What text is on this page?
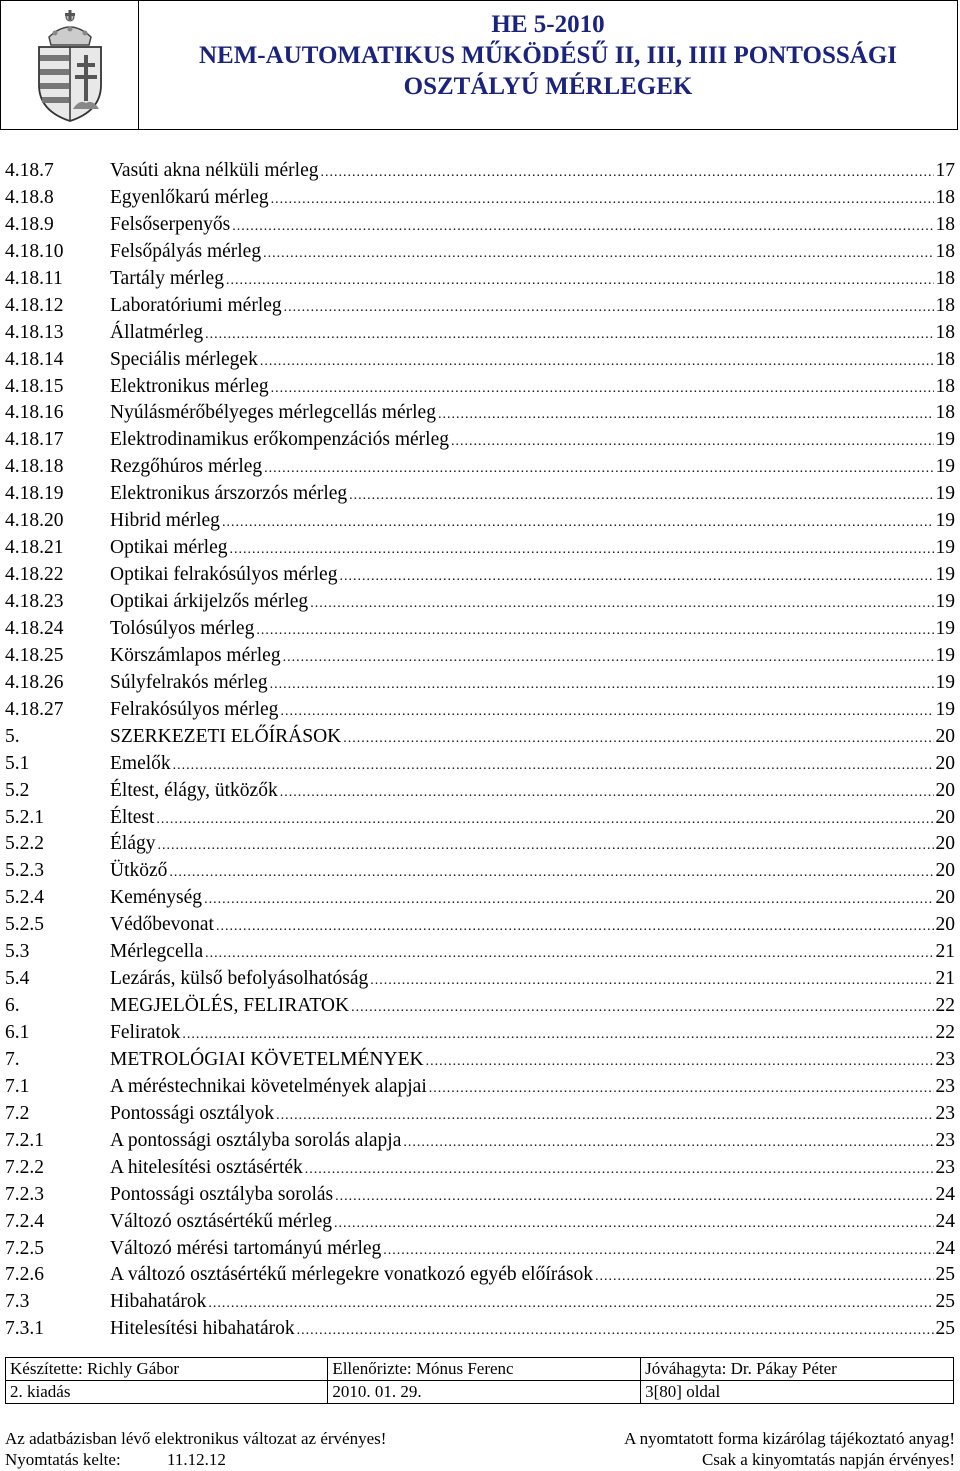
HE 5-2010
NEM-AUTOMATIKUS MŰKÖDÉSŰ II, III, IIII PONTOSSÁGI
OSZTÁLYÚ MÉRLEGEK
4.18.7	Vasúti akna nélküli mérleg .....	17
4.18.8	Egyenlőkarú mérleg .....	18
4.18.9	Felsőserpenyős .....	18
4.18.10	Felsőpályás mérleg .....	18
4.18.11	Tartály mérleg .....	18
4.18.12	Laboratóriumi mérleg .....	18
4.18.13	Állatmérleg .....	18
4.18.14	Speciális mérlegek .....	18
4.18.15	Elektronikus mérleg .....	18
4.18.16	Nyúlásmérőbélyeges mérlegcellás mérleg .....	18
4.18.17	Elektrodinamikus erőkompenzációs mérleg .....	19
4.18.18	Rezgőhúros mérleg .....	19
4.18.19	Elektronikus árszorzós mérleg .....	19
4.18.20	Hibrid mérleg .....	19
4.18.21	Optikai mérleg .....	19
4.18.22	Optikai felrakósúlyos mérleg .....	19
4.18.23	Optikai árkijelzős mérleg .....	19
4.18.24	Tolósúlyos mérleg .....	19
4.18.25	Körszámlapos mérleg .....	19
4.18.26	Súlyfelrakós mérleg .....	19
4.18.27	Felrakósúlyos mérleg .....	19
5.	SZERKEZETI ELŐÍRÁSOK .....	20
5.1	Emelők .....	20
5.2	Éltest, élágy, ütközők .....	20
5.2.1	Éltest .....	20
5.2.2	Élágy .....	20
5.2.3	Ütköző .....	20
5.2.4	Keménység .....	20
5.2.5	Védőbevonat .....	20
5.3	Mérlegcella .....	21
5.4	Lezárás, külső befolyásolhatóság .....	21
6.	MEGJELÖLÉS, FELIRATOK .....	22
6.1	Feliratok .....	22
7.	METROLÓGIAI KÖVETELMÉNYEK .....	23
7.1	A méréstechnikai követelmények alapjai .....	23
7.2	Pontossági osztályok .....	23
7.2.1	A pontossági osztályba sorolás alapja .....	23
7.2.2	A hitelesítési osztásérték .....	23
7.2.3	Pontossági osztályba sorolás .....	24
7.2.4	Változó osztásértékű mérleg .....	24
7.2.5	Változó mérési tartományú mérleg .....	24
7.2.6	A változó osztásértékű mérlegekre vonatkozó egyéb előírások .....	25
7.3	Hibahatárok .....	25
7.3.1	Hitelesítési hibahatárok .....	25
Készítette: Richly Gábor	Ellenőrizte: Mónus Ferenc	Jóváhagyta: Dr. Pákay Péter
2. kiadás	2010. 01. 29.	3[80] oldal
Az adatbázisban lévő elektronikus változat az érvényes!	A nyomtatott forma kizárólag tájékoztató anyag!
Nyomtatás kelte:	11.12.12	Csak a kinyomtatás napján érvényes!
